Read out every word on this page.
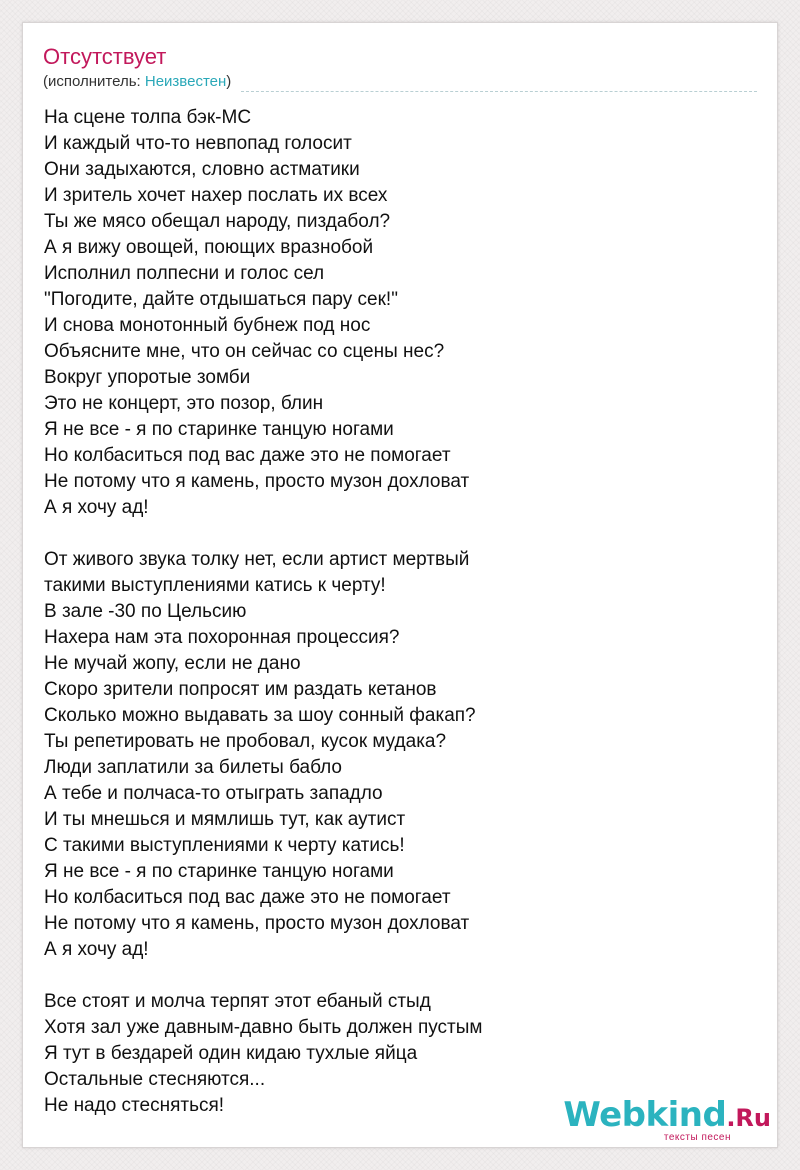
Отсутствует
(исполнитель: Неизвестен)
На сцене толпа бэк-МС
И каждый что-то невпопад голосит
Они задыхаются, словно астматики
И зритель хочет нахер послать их всех
Ты же мясо обещал народу, пиздабол?
А я вижу овощей, поющих вразнобой
Исполнил полпесни и голос сел
"Погодите, дайте отдышаться пару сек!"
И снова монотонный бубнеж под нос
Объясните мне, что он сейчас со сцены нес?
Вокруг упоротые зомби
Это не концерт, это позор, блин
Я не все - я по старинке танцую ногами
Но колбаситься под вас даже это не помогает
Не потому что я камень, просто музон дохловат
А я хочу ад!
От живого звука толку нет, если артист мертвый
такими выступлениями катись к черту!
В зале -30 по Цельсию
Нахера нам эта похоронная процессия?
Не мучай жопу, если не дано
Скоро зрители попросят им раздать кетанов
Сколько можно выдавать за шоу сонный факап?
Ты репетировать не пробовал, кусок мудака?
Люди заплатили за билеты бабло
А тебе и полчаса-то отыграть западло
И ты мнешься и мямлишь тут, как аутист
С такими выступлениями к черту катись!
Я не все - я по старинке танцую ногами
Но колбаситься под вас даже это не помогает
Не потому что я камень, просто музон дохловат
А я хочу ад!
Все стоят и молча терпят этот ебаный стыд
Хотя зал уже давным-давно быть должен пустым
Я тут в бездарей один кидаю тухлые яйца
Остальные стесняются...
Не надо стесняться!	Webkind.Ru
тексты песен
